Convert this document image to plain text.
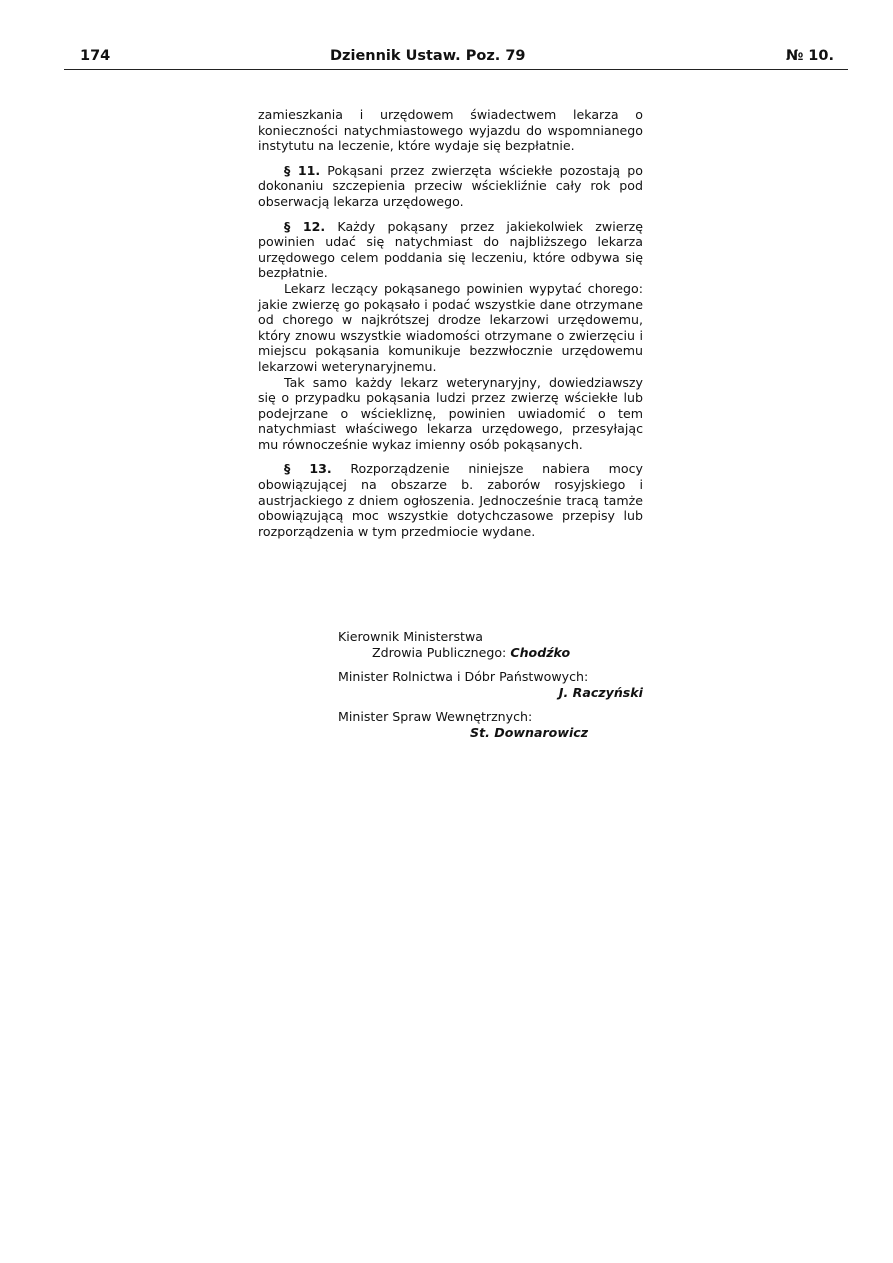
174	Dziennik Ustaw. Poz. 79	№ 10.

zamieszkania i urzędowem świadectwem lekarza o konieczności natychmiastowego wyjazdu do wspomnianego instytutu na leczenie, które wydaje się bezpłatnie.

§ 11. Pokąsani przez zwierzęta wściekłe pozostają po dokonaniu szczepienia przeciw wściekliźnie cały rok pod obserwacją lekarza urzędowego.

§ 12. Każdy pokąsany przez jakiekolwiek zwierzę powinien udać się natychmiast do najbliższego lekarza urzędowego celem poddania się leczeniu, które odbywa się bezpłatnie.

Lekarz leczący pokąsanego powinien wypytać chorego: jakie zwierzę go pokąsało i podać wszystkie dane otrzymane od chorego w najkrótszej drodze lekarzowi urzędowemu, który znowu wszystkie wiadomości otrzymane o zwierzęciu i miejscu pokąsania komunikuje bezzwłocznie urzędowemu lekarzowi weterynaryjnemu.

Tak samo każdy lekarz weterynaryjny, dowiedziawszy się o przypadku pokąsania ludzi przez zwierzę wściekłe lub podejrzane o wściekliznę, powinien uwiadomić o tem natychmiast właściwego lekarza urzędowego, przesyłając mu równocześnie wykaz imienny osób pokąsanych.

§ 13. Rozporządzenie niniejsze nabiera mocy obowiązującej na obszarze b. zaborów rosyjskiego i austrjackiego z dniem ogłoszenia. Jednocześnie tracą tamże obowiązującą moc wszystkie dotychczasowe przepisy lub rozporządzenia w tym przedmiocie wydane.

Kierownik Ministerstwa
Zdrowia Publicznego: Chodźko
Minister Rolnictwa i Dóbr Państwowych:
J. Raczyński
Minister Spraw Wewnętrznych:
St. Downarowicz
